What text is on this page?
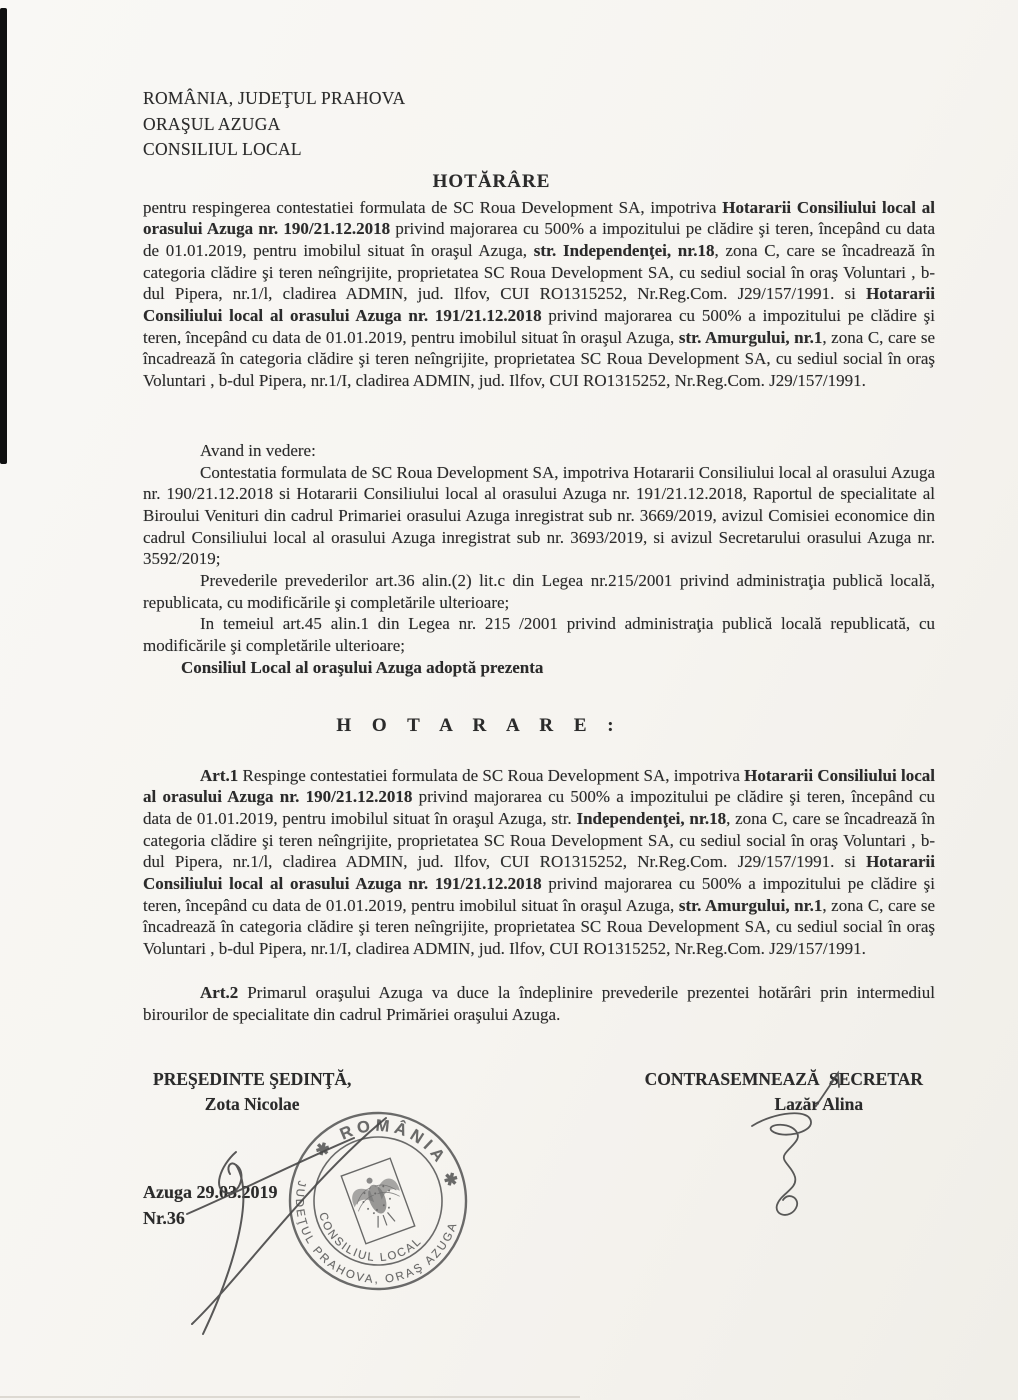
ROMÂNIA, JUDEŢUL PRAHOVA
ORAŞUL AZUGA
CONSILIUL LOCAL
HOTĂRÂRE

pentru respingerea contestatiei formulata de SC Roua Development SA, impotriva Hotararii Consiliului local al orasului Azuga nr. 190/21.12.2018 privind majorarea cu 500% a impozitului pe clădire şi teren, începând cu data de 01.01.2019, pentru imobilul situat în oraşul Azuga, str. Independenţei, nr.18, zona C, care se încadrează în categoria clădire şi teren neîngrijite, proprietatea SC Roua Development SA, cu sediul social în oraş Voluntari , b-dul Pipera, nr.1/l, cladirea ADMIN, jud. Ilfov, CUI RO1315252, Nr.Reg.Com. J29/157/1991. si Hotararii Consiliului local al orasului Azuga nr. 191/21.12.2018 privind majorarea cu 500% a impozitului pe clădire şi teren, începând cu data de 01.01.2019, pentru imobilul situat în oraşul Azuga, str. Amurgului, nr.1, zona C, care se încadrează în categoria clădire şi teren neîngrijite, proprietatea SC Roua Development SA, cu sediul social în oraş Voluntari , b-dul Pipera, nr.1/I, cladirea ADMIN, jud. Ilfov, CUI RO1315252, Nr.Reg.Com. J29/157/1991.

Avand in vedere:

Contestatia formulata de SC Roua Development SA, impotriva Hotararii Consiliului local al orasului Azuga nr. 190/21.12.2018 si Hotararii Consiliului local al orasului Azuga nr. 191/21.12.2018, Raportul de specialitate al Biroului Venituri din cadrul Primariei orasului Azuga inregistrat sub nr. 3669/2019, avizul Comisiei economice din cadrul Consiliului local al orasului Azuga inregistrat sub nr. 3693/2019, si avizul Secretarului orasului Azuga nr. 3592/2019;

Prevederile prevederilor art.36 alin.(2) lit.c din Legea nr.215/2001 privind administraţia publică locală, republicata, cu modificările şi completările ulterioare;

In temeiul art.45 alin.1 din Legea nr. 215 /2001 privind administraţia publică locală republicată, cu modificările şi completările ulterioare;

Consiliul Local al oraşului Azuga adoptă prezenta

H O T A R A R E :

Art.1 Respinge contestatiei formulata de SC Roua Development SA, impotriva Hotararii Consiliului local al orasului Azuga nr. 190/21.12.2018 privind majorarea cu 500% a impozitului pe clădire şi teren, începând cu data de 01.01.2019, pentru imobilul situat în oraşul Azuga, str. Independenţei, nr.18, zona C, care se încadrează în categoria clădire şi teren neîngrijite, proprietatea SC Roua Development SA, cu sediul social în oraş Voluntari , b-dul Pipera, nr.1/l, cladirea ADMIN, jud. Ilfov, CUI RO1315252, Nr.Reg.Com. J29/157/1991. si Hotararii Consiliului local al orasului Azuga nr. 191/21.12.2018 privind majorarea cu 500% a impozitului pe clădire şi teren, începând cu data de 01.01.2019, pentru imobilul situat în oraşul Azuga, str. Amurgului, nr.1, zona C, care se încadrează în categoria clădire şi teren neîngrijite, proprietatea SC Roua Development SA, cu sediul social în oraş Voluntari , b-dul Pipera, nr.1/I, cladirea ADMIN, jud. Ilfov, CUI RO1315252, Nr.Reg.Com. J29/157/1991.

Art.2 Primarul oraşului Azuga va duce la îndeplinire prevederile prezentei hotărâri prin intermediul birourilor de specialitate din cadrul Primăriei oraşului Azuga.

PREŞEDINTE ŞEDINŢĂ,
Zota Nicolae
CONTRASEMNEAZĂ SECRETAR
Lazăr Alina
Azuga 29.03.2019
Nr.36
✱ ROMÂNIA ✱
JUDEŢUL PRAHOVA, ORAŞ AZUGA
CONSILIUL LOCAL
